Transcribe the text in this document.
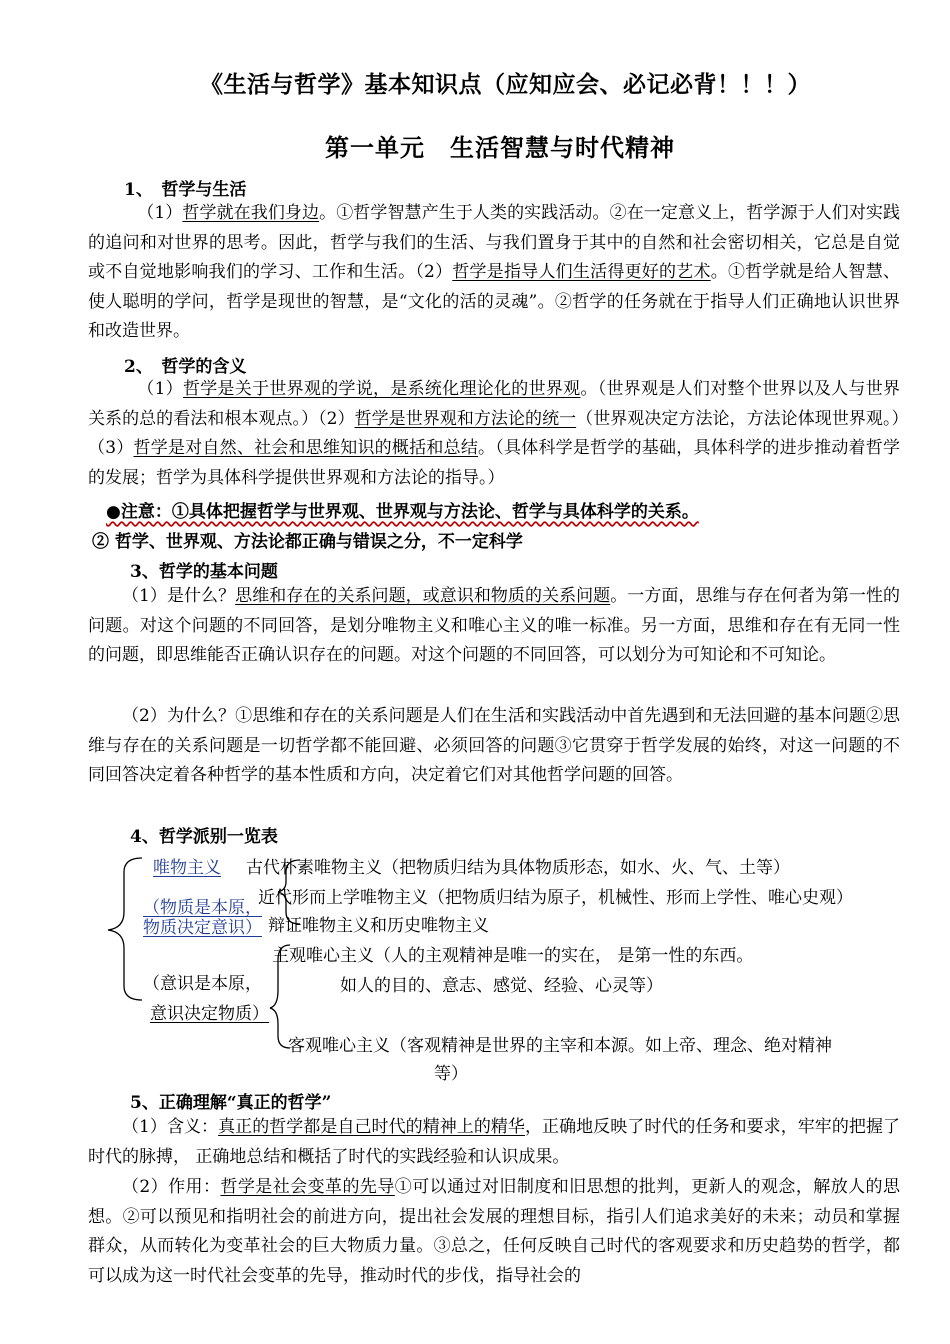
《生活与哲学》基本知识点（应知应会、必记必背！！！）
第一单元　生活智慧与时代精神
1、　哲学与生活
（1）哲学就在我们身边。①哲学智慧产生于人类的实践活动。②在一定意义上，哲学源于人们对实践的追问和对世界的思考。因此，哲学与我们的生活、与我们置身于其中的自然和社会密切相关，它总是自觉或不自觉地影响我们的学习、工作和生活。（2）哲学是指导人们生活得更好的艺术。①哲学就是给人智慧、使人聪明的学问，哲学是现世的智慧，是“文化的活的灵魂”。②哲学的任务就在于指导人们正确地认识世界和改造世界。
2、　哲学的含义
（1）哲学是关于世界观的学说，是系统化理论化的世界观。（世界观是人们对整个世界以及人与世界关系的总的看法和根本观点。）（2）哲学是世界观和方法论的统一（世界观决定方法论，方法论体现世界观。）（3）哲学是对自然、社会和思维知识的概括和总结。（具体科学是哲学的基础，具体科学的进步推动着哲学的发展；哲学为具体科学提供世界观和方法论的指导。）
●注意：①具体把握哲学与世界观、世界观与方法论、哲学与具体科学的关系。
② 哲学、世界观、方法论都正确与错误之分，不一定科学
3、哲学的基本问题
（1）是什么？思维和存在的关系问题，或意识和物质的关系问题。一方面，思维与存在何者为第一性的问题。对这个问题的不同回答，是划分唯物主义和唯心主义的唯一标准。另一方面，思维和存在有无同一性的问题，即思维能否正确认识存在的问题。对这个问题的不同回答，可以划分为可知论和不可知论。
（2）为什么？①思维和存在的关系问题是人们在生活和实践活动中首先遇到和无法回避的基本问题②思维与存在的关系问题是一切哲学都不能回避、必须回答的问题③它贯穿于哲学发展的始终，对这一问题的不同回答决定着各种哲学的基本性质和方向，决定着它们对其他哲学问题的回答。
4、哲学派别一览表
唯物主义
（物质是本原，
物质决定意识）
（意识是本原，
意识决定物质）
古代朴素唯物主义（把物质归结为具体物质形态，如水、火、气、土等）
近代形而上学唯物主义（把物质归结为原子，机械性、形而上学性、唯心史观）
辩证唯物主义和历史唯物主义
主观唯心主义（人的主观精神是唯一的实在， 是第一性的东西。
如人的目的、意志、感觉、经验、心灵等）
客观唯心主义（客观精神是世界的主宰和本源。如上帝、理念、绝对精神
等）
5、正确理解“真正的哲学”
（1）含义：真正的哲学都是自己时代的精神上的精华，正确地反映了时代的任务和要求，牢牢的把握了时代的脉搏， 正确地总结和概括了时代的实践经验和认识成果。
（2）作用：哲学是社会变革的先导①可以通过对旧制度和旧思想的批判，更新人的观念，解放人的思想。②可以预见和指明社会的前进方向，提出社会发展的理想目标，指引人们追求美好的未来；动员和掌握群众，从而转化为变革社会的巨大物质力量。③总之，任何反映自己时代的客观要求和历史趋势的哲学，都可以成为这一时代社会变革的先导，推动时代的步伐，指导社会的
